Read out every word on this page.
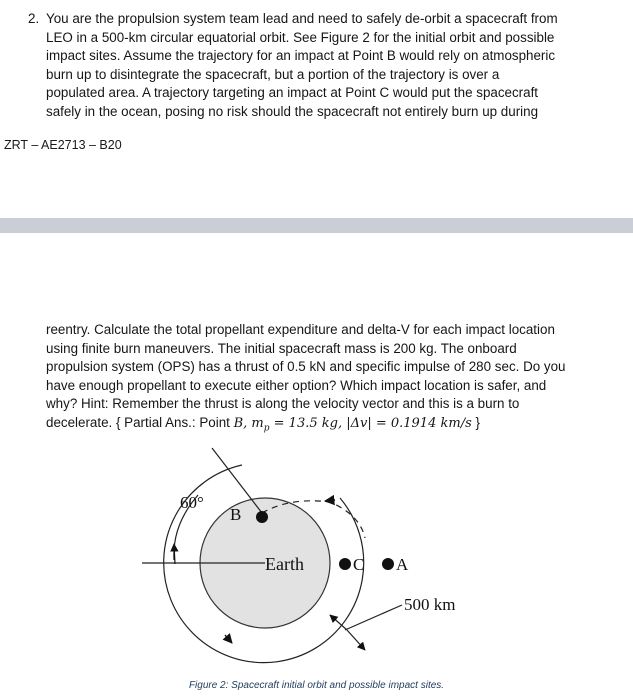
2. You are the propulsion system team lead and need to safely de-orbit a spacecraft from
LEO in a 500-km circular equatorial orbit. See Figure 2 for the initial orbit and possible
impact sites. Assume the trajectory for an impact at Point B would rely on atmospheric
burn up to disintegrate the spacecraft, but a portion of the trajectory is over a
populated area. A trajectory targeting an impact at Point C would put the spacecraft
safely in the ocean, posing no risk should the spacecraft not entirely burn up during
ZRT – AE2713 – B20
reentry. Calculate the total propellant expenditure and delta-V for each impact location
using finite burn maneuvers. The initial spacecraft mass is 200 kg. The onboard
propulsion system (OPS) has a thrust of 0.5 kN and specific impulse of 280 sec. Do you
have enough propellant to execute either option? Which impact location is safer, and
why? Hint: Remember the thrust is along the velocity vector and this is a burn to
decelerate. { Partial Ans.: Point B, $m_p = 13.5$ kg, |Δv| = 0.1914 km/s }
60°
B
Earth	C A
500 km
Figure 2: Spacecraft initial orbit and possible impact sites.
